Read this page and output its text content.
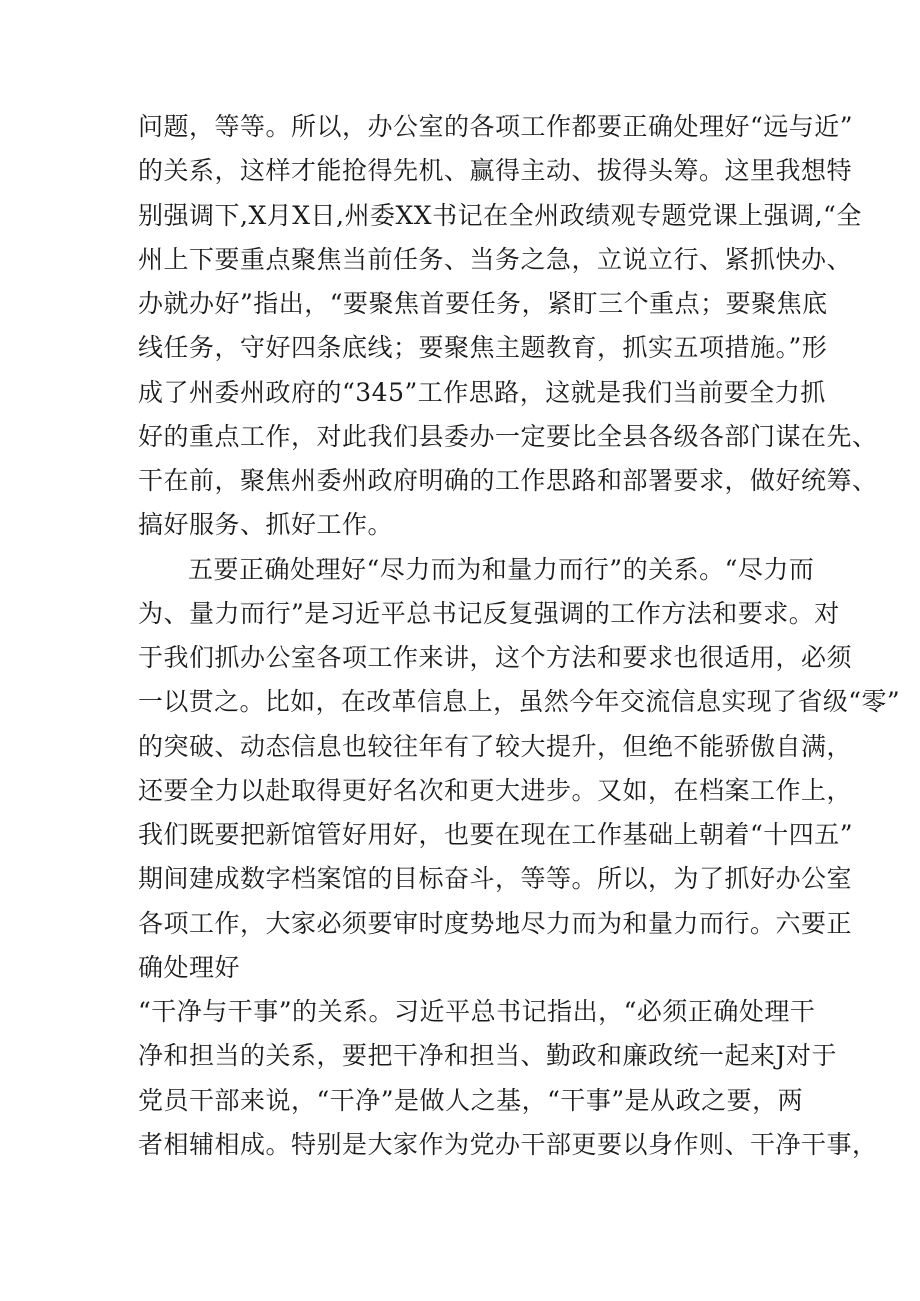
问题，等等。所以，办公室的各项工作都要正确处理好“远与近”
的关系，这样才能抢得先机、赢得主动、拔得头筹。这里我想特
别强调下,X月X日,州委XX书记在全州政绩观专题党课上强调,“全
州上下要重点聚焦当前任务、当务之急，立说立行、紧抓快办、
办就办好”指出，“要聚焦首要任务，紧盯三个重点；要聚焦底
线任务，守好四条底线；要聚焦主题教育，抓实五项措施。”形
成了州委州政府的“345”工作思路，这就是我们当前要全力抓
好的重点工作，对此我们县委办一定要比全县各级各部门谋在先、
干在前，聚焦州委州政府明确的工作思路和部署要求，做好统筹、
搞好服务、抓好工作。
五要正确处理好“尽力而为和量力而行”的关系。“尽力而
为、量力而行”是习近平总书记反复强调的工作方法和要求。对
于我们抓办公室各项工作来讲，这个方法和要求也很适用，必须
一以贯之。比如，在改革信息上，虽然今年交流信息实现了省级“零”
的突破、动态信息也较往年有了较大提升，但绝不能骄傲自满，
还要全力以赴取得更好名次和更大进步。又如，在档案工作上，
我们既要把新馆管好用好，也要在现在工作基础上朝着“十四五”
期间建成数字档案馆的目标奋斗，等等。所以，为了抓好办公室
各项工作，大家必须要审时度势地尽力而为和量力而行。六要正
确处理好
“干净与干事”的关系。习近平总书记指出，“必须正确处理干
净和担当的关系，要把干净和担当、勤政和廉政统一起来J对于
党员干部来说，“干净”是做人之基，“干事”是从政之要，两
者相辅相成。特别是大家作为党办干部更要以身作则、干净干事，
